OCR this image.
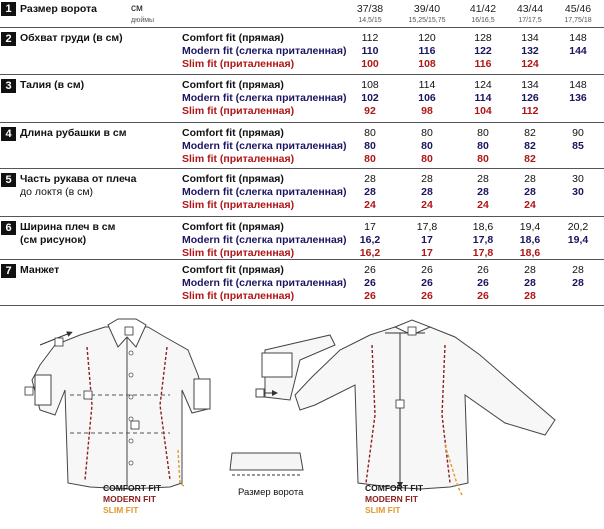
1 Размер ворота	см
дюймы
37/38	39/40	41/42	43/44	45/46
14,5/15	15,25/15,75	16/16,5	17/17,5	17,75/18
2 Обхват груди (в см)	Comfort fit (прямая)	112	120	128	134	148
Modern fit (слегка приталенная)	110	116	122	132	144
Slim fit (приталенная)	100	108	116	124
3 Талия (в см)	Comfort fit (прямая)	108	114	124	134	148
Modern fit (слегка приталенная)	102	106	114	126	136
Slim fit (приталенная)	92	98	104	112
4 Длина рубашки в см	Comfort fit (прямая)	80	80	80	82	90
Modern fit (слегка приталенная)	80	80	80	82	85
Slim fit (приталенная)	80	80	80	82
5 Часть рукава от плеча
до локтя (в см)
Comfort fit (прямая)	28	28	28	28	30
Modern fit (слегка приталенная)	28	28	28	28	30
Slim fit (приталенная)	24	24	24	24
6 Ширина плеч в см
(см рисунок)
Comfort fit (прямая)	17	17,8	18,6	19,4	20,2
Modern fit (слегка приталенная)	16,2	17	17,8	18,6	19,4
Slim fit (приталенная)	16,2	17	17,8	18,6
7 Манжет	Comfort fit (прямая)	26	26	26	28	28
Modern fit (слегка приталенная)	26	26	26	28	28
Slim fit (приталенная)	26	26	26	28
COMFORT FIT
MODERN FIT
SLIM FIT
Размер ворота	COMFORT FIT
MODERN FIT
SLIM FIT
